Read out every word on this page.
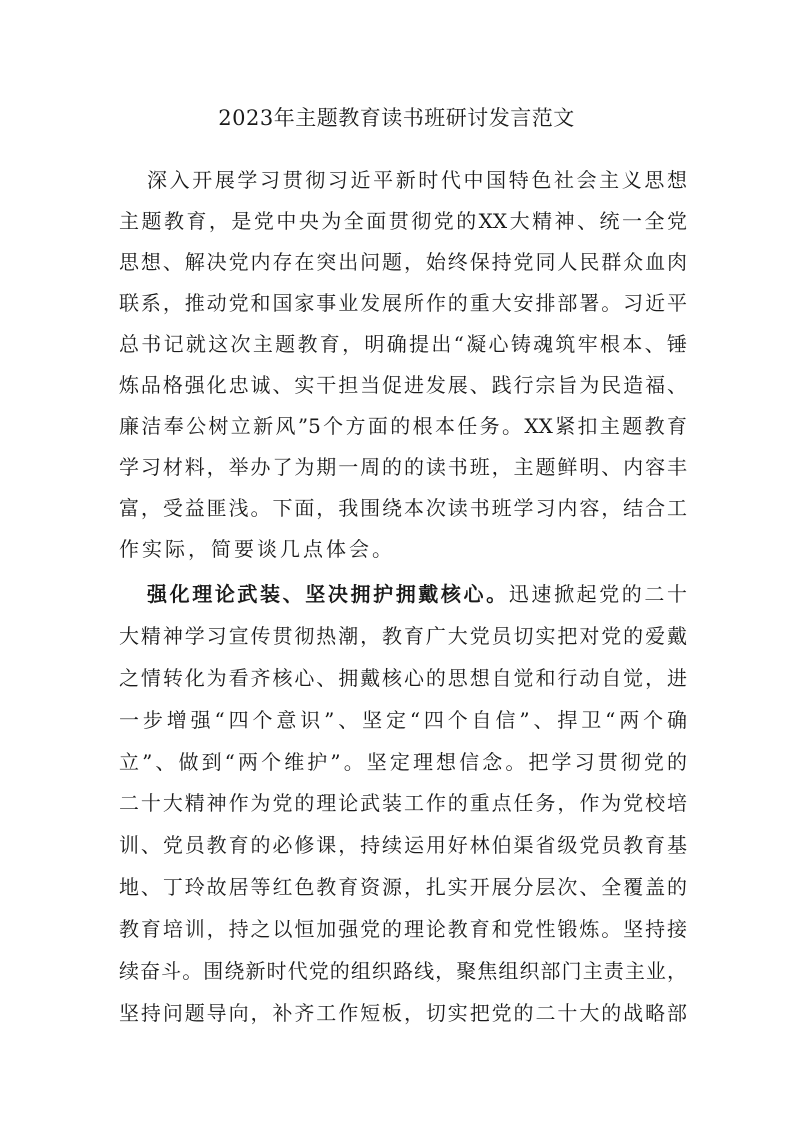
2023年主题教育读书班研讨发言范文
深入开展学习贯彻习近平新时代中国特色社会主义思想
主题教育，是党中央为全面贯彻党的XX大精神、统一全党
思想、解决党内存在突出问题，始终保持党同人民群众血肉
联系，推动党和国家事业发展所作的重大安排部署。习近平
总书记就这次主题教育，明确提出“凝心铸魂筑牢根本、锤
炼品格强化忠诚、实干担当促进发展、践行宗旨为民造福、
廉洁奉公树立新风”5个方面的根本任务。XX紧扣主题教育
学习材料，举办了为期一周的的读书班，主题鲜明、内容丰
富，受益匪浅。下面，我围绕本次读书班学习内容，结合工
作实际，简要谈几点体会。
强化理论武装、坚决拥护拥戴核心。迅速掀起党的二十
大精神学习宣传贯彻热潮，教育广大党员切实把对党的爱戴
之情转化为看齐核心、拥戴核心的思想自觉和行动自觉，进
一步增强“四个意识”、坚定“四个自信”、捍卫“两个确
立”、做到“两个维护”。坚定理想信念。把学习贯彻党的
二十大精神作为党的理论武装工作的重点任务，作为党校培
训、党员教育的必修课，持续运用好林伯渠省级党员教育基
地、丁玲故居等红色教育资源，扎实开展分层次、全覆盖的
教育培训，持之以恒加强党的理论教育和党性锻炼。坚持接
续奋斗。围绕新时代党的组织路线，聚焦组织部门主责主业，
坚持问题导向，补齐工作短板，切实把党的二十大的战略部
